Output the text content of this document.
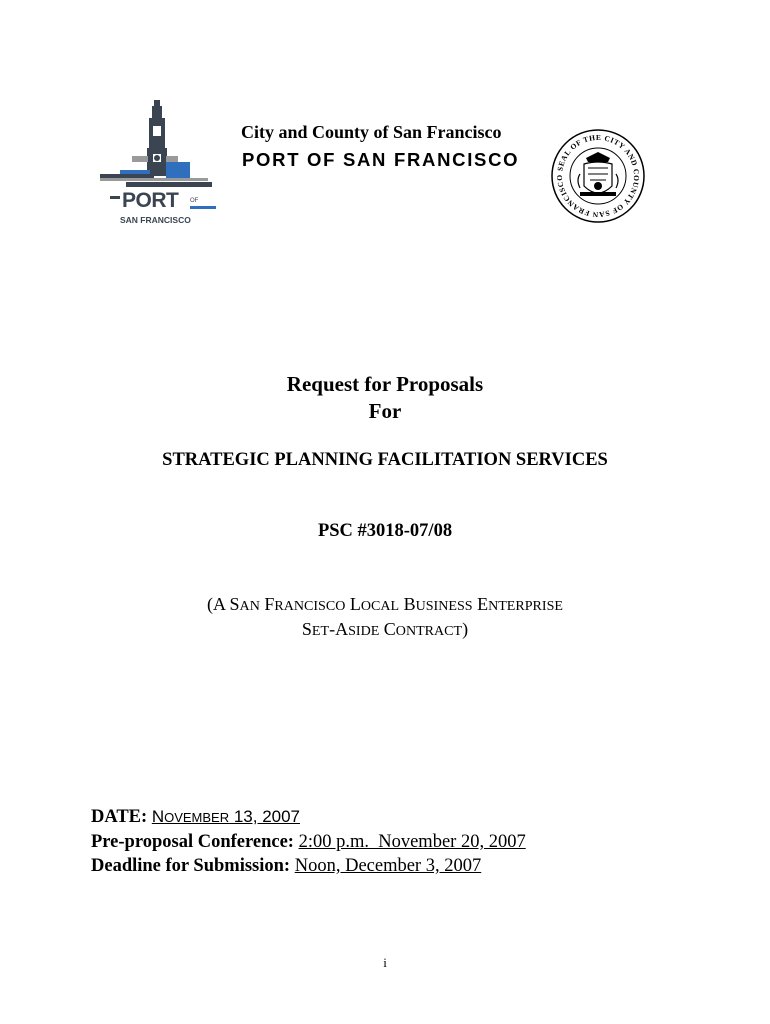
PORT OF
SAN FRANCISCO
City and County of San Francisco
PORT OF SAN FRANCISCO	SEAL OF THE CITY AND COUNTY OF SAN FRANCISCO
Request for Proposals
For
STRATEGIC PLANNING FACILITATION SERVICES
PSC #3018-07/08
(A SAN FRANCISCO LOCAL BUSINESS ENTERPRISE
SET-ASIDE CONTRACT)
DATE: NOVEMBER 13, 2007
Pre-proposal Conference: 2:00 p.m.  November 20, 2007
Deadline for Submission: Noon, December 3, 2007
i
